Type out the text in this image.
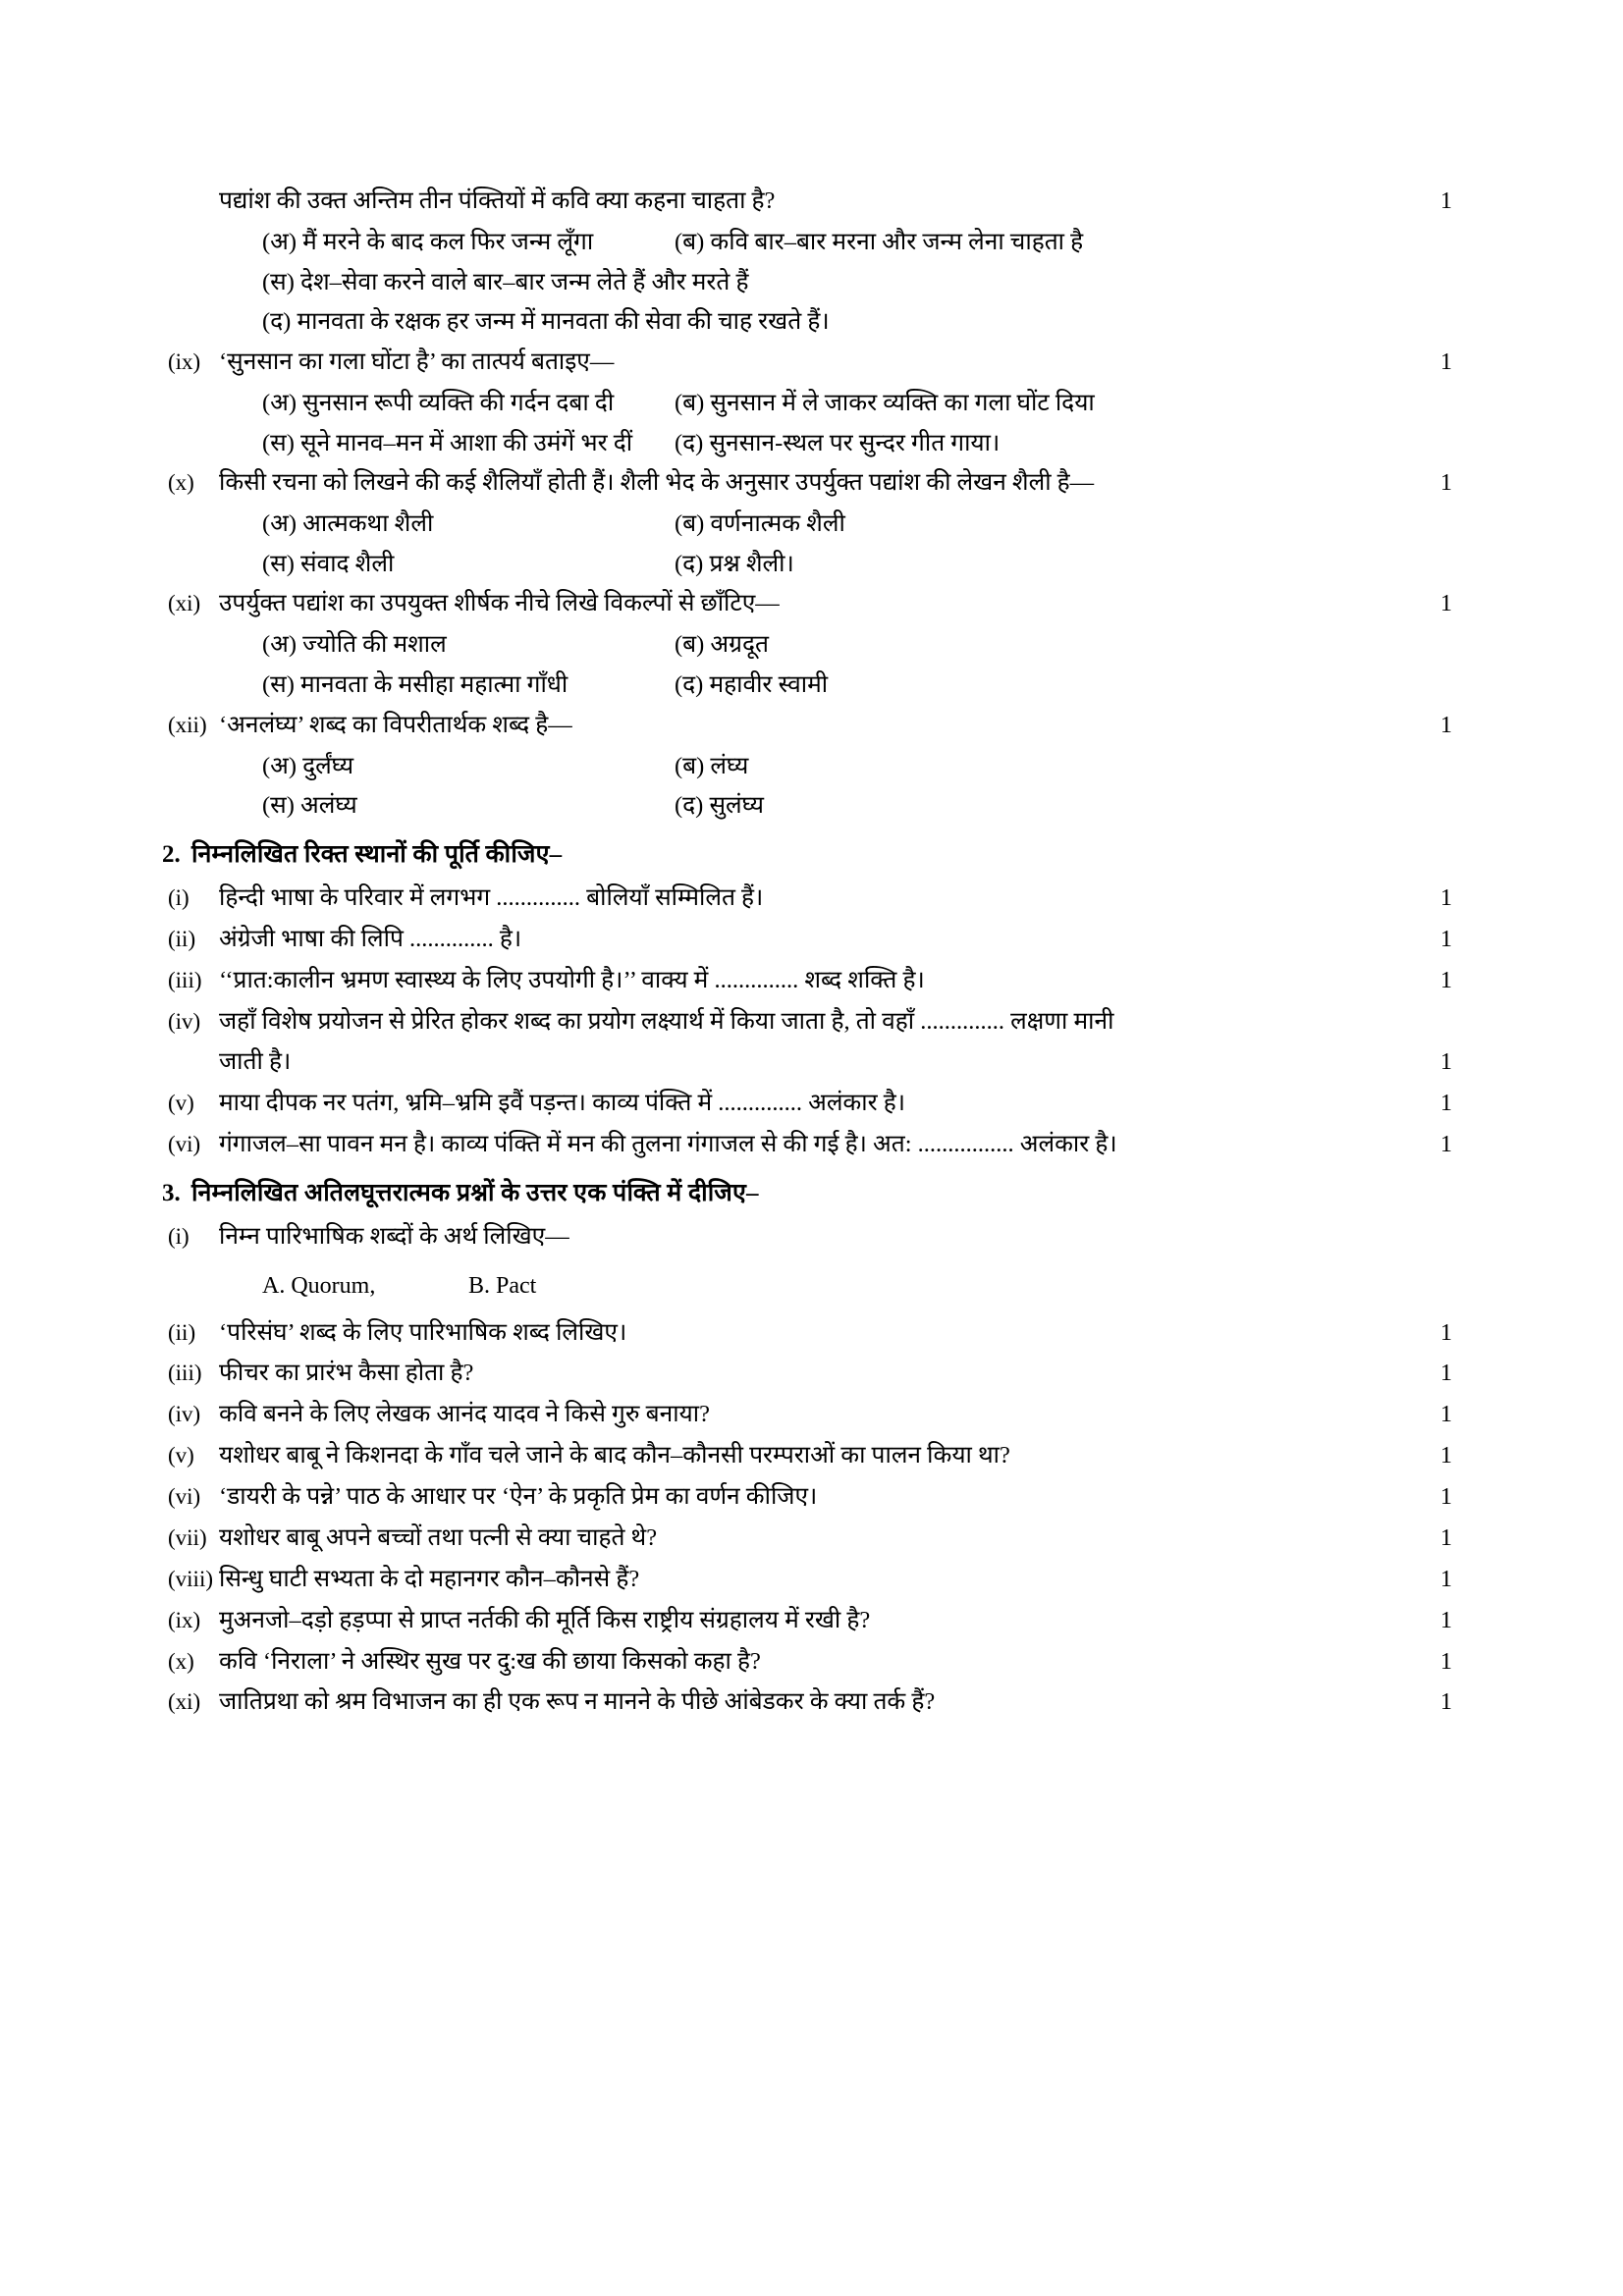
पद्यांश की उक्त अन्तिम तीन पंक्तियों में कवि क्या कहना चाहता है?	1
(अ) मैं मरने के बाद कल फिर जन्म लूँगा	(ब) कवि बार–बार मरना और जन्म लेना चाहता है
(स) देश–सेवा करने वाले बार–बार जन्म लेते हैं और मरते हैं
(द) मानवता के रक्षक हर जन्म में मानवता की सेवा की चाह रखते हैं।
(ix) ‘सुनसान का गला घोंटा है’ का तात्पर्य बताइए—	1
(अ) सुनसान रूपी व्यक्ति की गर्दन दबा दी	(ब) सुनसान में ले जाकर व्यक्ति का गला घोंट दिया
(स) सूने मानव–मन में आशा की उमंगें भर दीं	(द) सुनसान-स्थल पर सुन्दर गीत गाया।
(x)	किसी रचना को लिखने की कई शैलियाँ होती हैं। शैली भेद के अनुसार उपर्युक्त पद्यांश की लेखन शैली है—	1
(अ) आत्मकथा शैली	(ब) वर्णनात्मक शैली
(स) संवाद शैली	(द) प्रश्न शैली।
(xi) उपर्युक्त पद्यांश का उपयुक्त शीर्षक नीचे लिखे विकल्पों से छाँटिए—	1
(अ) ज्योति की मशाल	(ब) अग्रदूत
(स) मानवता के मसीहा महात्मा गाँधी	(द) महावीर स्वामी
(xii) ‘अनलंघ्य’ शब्द का विपरीतार्थक शब्द है—	1
(अ) दुर्लंघ्य	(ब) लंघ्य
(स) अलंघ्य	(द) सुलंघ्य
2. निम्नलिखित रिक्त स्थानों की पूर्ति कीजिए–
(i)	हिन्दी भाषा के परिवार में लगभग .............. बोलियाँ सम्मिलित हैं।	1
(ii) अंग्रेजी भाषा की लिपि .............. है।	1
(iii) ‘‘प्रात:कालीन भ्रमण स्वास्थ्य के लिए उपयोगी है।’’ वाक्य में .............. शब्द शक्ति है।	1
(iv) जहाँ विशेष प्रयोजन से प्रेरित होकर शब्द का प्रयोग लक्ष्यार्थ में किया जाता है, तो वहाँ .............. लक्षणा मानी
जाती है।	1
(v)	माया दीपक नर पतंग, भ्रमि–भ्रमि इवैं पड़न्त। काव्य पंक्ति में .............. अलंकार है।	1
(vi) गंगाजल–सा पावन मन है। काव्य पंक्ति में मन की तुलना गंगाजल से की गई है। अत: ................ अलंकार है।	1
3. निम्नलिखित अतिलघूत्तरात्मक प्रश्नों के उत्तर एक पंक्ति में दीजिए–
(i)	निम्न पारिभाषिक शब्दों के अर्थ लिखिए—
A. Quorum,	B. Pact
(ii) ‘परिसंघ’ शब्द के लिए पारिभाषिक शब्द लिखिए।	1
(iii) फीचर का प्रारंभ कैसा होता है?	1
(iv) कवि बनने के लिए लेखक आनंद यादव ने किसे गुरु बनाया?	1
(v)	यशोधर बाबू ने किशनदा के गाँव चले जाने के बाद कौन–कौनसी परम्पराओं का पालन किया था?	1
(vi) ‘डायरी के पन्ने’ पाठ के आधार पर ‘ऐन’ के प्रकृति प्रेम का वर्णन कीजिए।	1
(vii) यशोधर बाबू अपने बच्चों तथा पत्नी से क्या चाहते थे?	1
(viii) सिन्धु घाटी सभ्यता के दो महानगर कौन–कौनसे हैं?	1
(ix) मुअनजो–दड़ो हड़प्पा से प्राप्त नर्तकी की मूर्ति किस राष्ट्रीय संग्रहालय में रखी है?	1
(x)	कवि ‘निराला’ ने अस्थिर सुख पर दु:ख की छाया किसको कहा है?	1
(xi) जातिप्रथा को श्रम विभाजन का ही एक रूप न मानने के पीछे आंबेडकर के क्या तर्क हैं?	1
